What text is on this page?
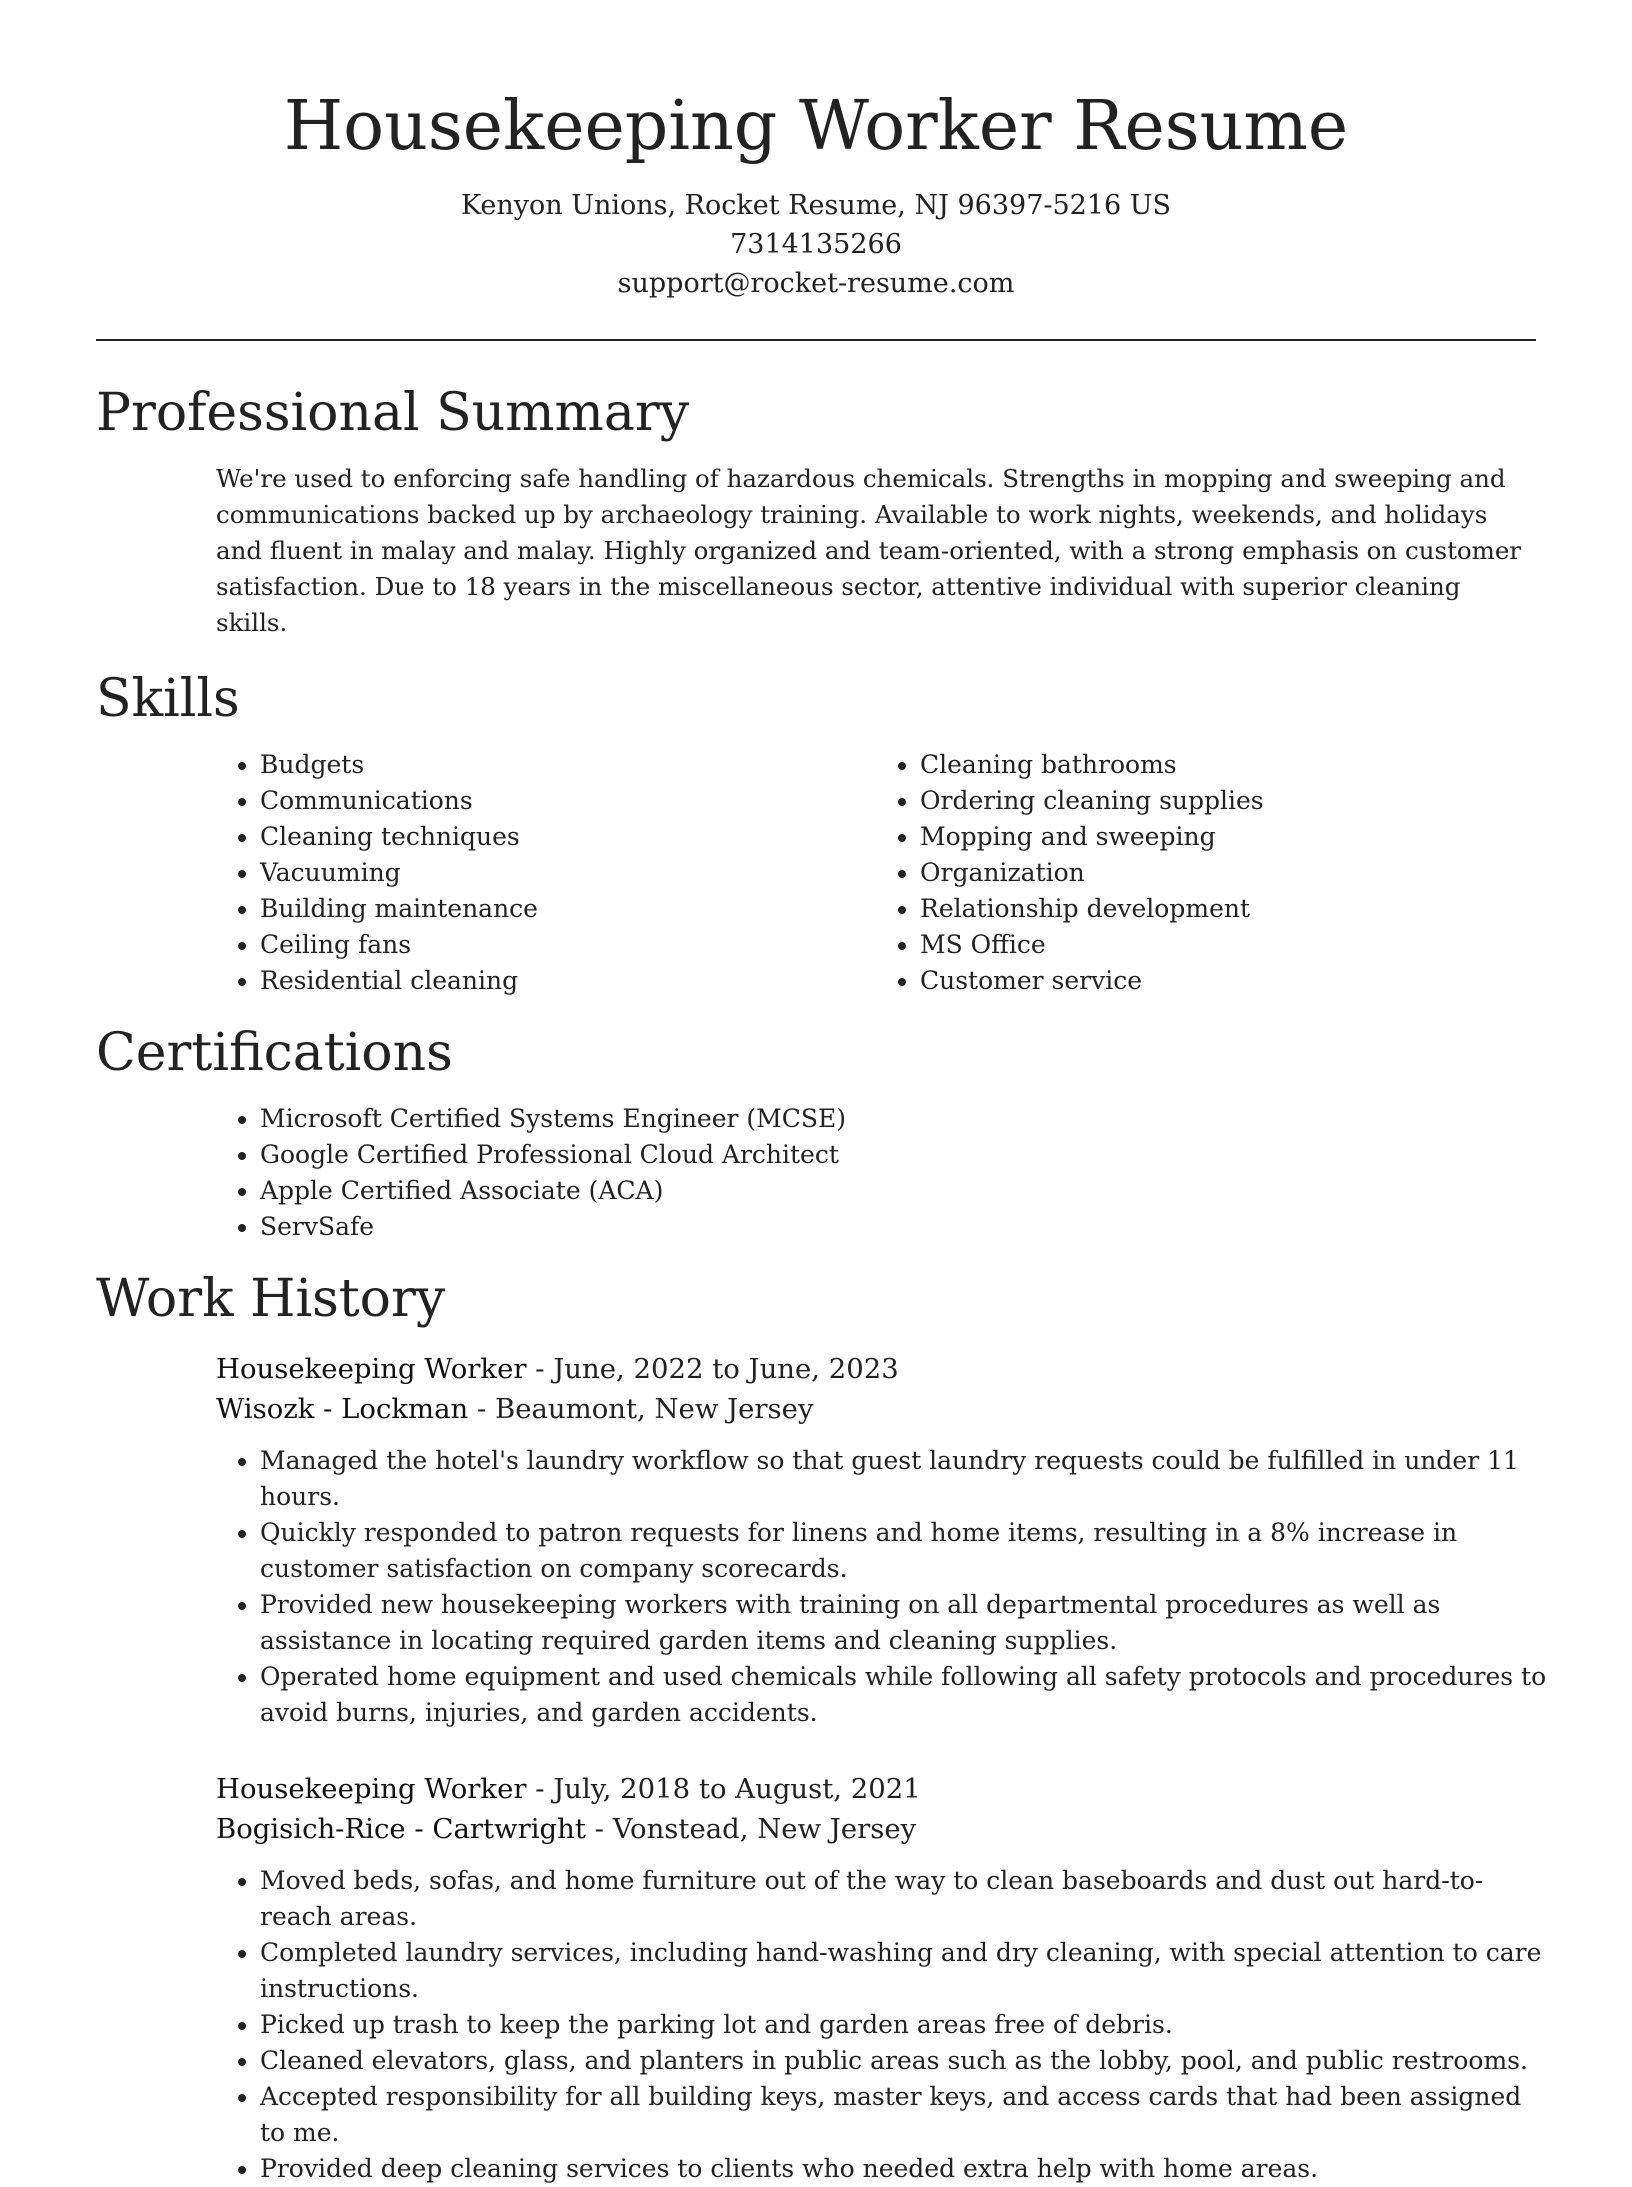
Housekeeping Worker Resume
Kenyon Unions, Rocket Resume, NJ 96397-5216 US
7314135266
support@rocket-resume.com
Professional Summary

We're used to enforcing safe handling of hazardous chemicals. Strengths in mopping and sweeping and communications backed up by archaeology training. Available to work nights, weekends, and holidays and fluent in malay and malay. Highly organized and team-oriented, with a strong emphasis on customer satisfaction. Due to 18 years in the miscellaneous sector, attentive individual with superior cleaning skills.

Skills
• Budgets
• Communications
• Cleaning techniques
• Vacuuming
• Building maintenance
• Ceiling fans
• Residential cleaning
• Cleaning bathrooms
• Ordering cleaning supplies
• Mopping and sweeping
• Organization
• Relationship development
• MS Office
• Customer service
Certifications
• Microsoft Certified Systems Engineer (MCSE)
• Google Certified Professional Cloud Architect
• Apple Certified Associate (ACA)
• ServSafe
Work History
Housekeeping Worker - June, 2022 to June, 2023
Wisozk - Lockman - Beaumont, New Jersey
• Managed the hotel's laundry workflow so that guest laundry requests could be fulfilled in under 11 hours.
• Quickly responded to patron requests for linens and home items, resulting in a 8% increase in customer satisfaction on company scorecards.
• Provided new housekeeping workers with training on all departmental procedures as well as assistance in locating required garden items and cleaning supplies.
• Operated home equipment and used chemicals while following all safety protocols and procedures to avoid burns, injuries, and garden accidents.
Housekeeping Worker - July, 2018 to August, 2021
Bogisich-Rice - Cartwright - Vonstead, New Jersey
• Moved beds, sofas, and home furniture out of the way to clean baseboards and dust out hard-to-reach areas.
• Completed laundry services, including hand-washing and dry cleaning, with special attention to care instructions.
• Picked up trash to keep the parking lot and garden areas free of debris.
• Cleaned elevators, glass, and planters in public areas such as the lobby, pool, and public restrooms.
• Accepted responsibility for all building keys, master keys, and access cards that had been assigned to me.
• Provided deep cleaning services to clients who needed extra help with home areas.
